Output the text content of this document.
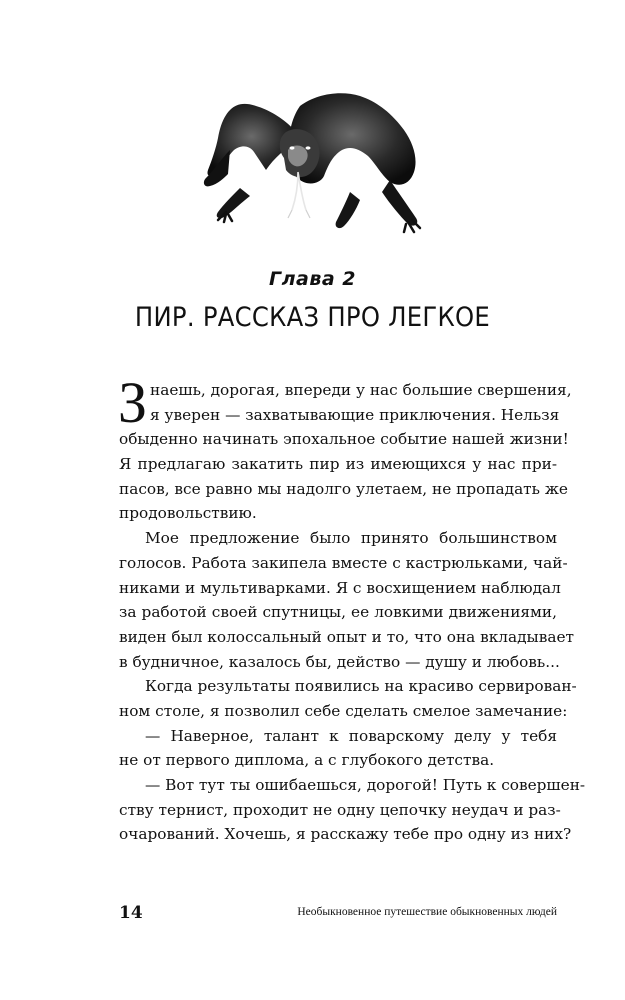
Глава 2
ПИР. РАССКАЗ ПРО ЛЕГКОЕ
З наешь, дорогая, впереди у нас большие свершения,
я уверен — захватывающие приключения. Нельзя
обыденно начинать эпохальное событие нашей жизни!
Я предлагаю закатить пир из имеющихся у нас при-
пасов, все равно мы надолго улетаем, не пропадать же
продовольствию.
Мое предложение было принято большинством
голосов. Работа закипела вместе с кастрюльками, чай-
никами и мультиварками. Я с восхищением наблюдал
за работой своей спутницы, ее ловкими движениями,
виден был колоссальный опыт и то, что она вкладывает
в будничное, казалось бы, действо — душу и любовь...
Когда результаты появились на красиво сервирован-
ном столе, я позволил себе сделать смелое замечание:
— Наверное, талант к поварскому делу у тебя
не от первого диплома, а с глубокого детства.
— Вот тут ты ошибаешься, дорогой! Путь к совершен-
ству тернист, проходит не одну цепочку неудач и раз-
очарований. Хочешь, я расскажу тебе про одну из них?
14	Необыкновенное путешествие обыкновенных людей
